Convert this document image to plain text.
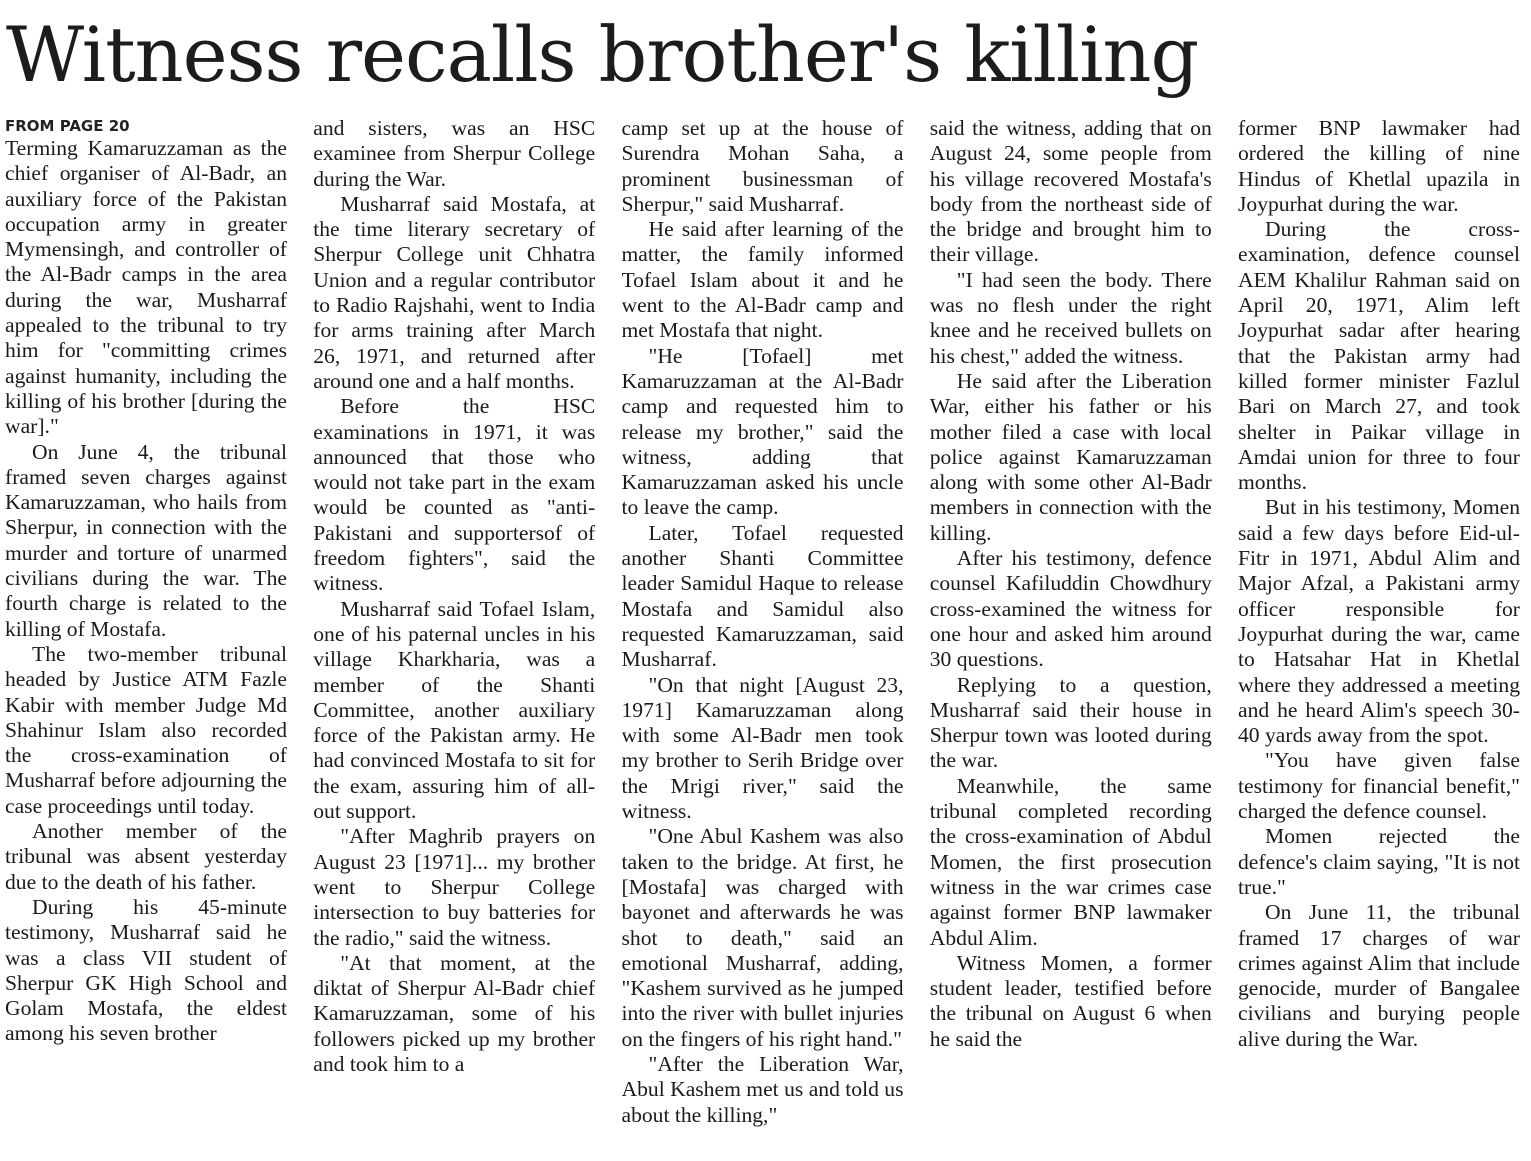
Witness recalls brother's killing
FROM PAGE 20

Terming Kamaruzzaman as the chief organiser of Al-Badr, an auxiliary force of the Pakistan occupation army in greater Mymensingh, and controller of the Al-Badr camps in the area during the war, Musharraf appealed to the tribunal to try him for "committing crimes against humanity, including the killing of his brother [during the war]."

On June 4, the tribunal framed seven charges against Kamaruzzaman, who hails from Sherpur, in connection with the murder and torture of unarmed civilians during the war. The fourth charge is related to the killing of Mostafa.

The two-member tribunal headed by Justice ATM Fazle Kabir with member Judge Md Shahinur Islam also recorded the cross-examination of Musharraf before adjourning the case proceedings until today.

Another member of the tribunal was absent yesterday due to the death of his father.

During his 45-minute testimony, Musharraf said he was a class VII student of Sherpur GK High School and Golam Mostafa, the eldest among his seven brother

and sisters, was an HSC examinee from Sherpur College during the War.

Musharraf said Mostafa, at the time literary secretary of Sherpur College unit Chhatra Union and a regular contributor to Radio Rajshahi, went to India for arms training after March 26, 1971, and returned after around one and a half months.

Before the HSC examinations in 1971, it was announced that those who would not take part in the exam would be counted as "anti-Pakistani and supportersof of freedom fighters", said the witness.

Musharraf said Tofael Islam, one of his paternal uncles in his village Kharkharia, was a member of the Shanti Committee, another auxiliary force of the Pakistan army. He had convinced Mostafa to sit for the exam, assuring him of all-out support.

"After Maghrib prayers on August 23 [1971]... my brother went to Sherpur College intersection to buy batteries for the radio," said the witness.

"At that moment, at the diktat of Sherpur Al-Badr chief Kamaruzzaman, some of his followers picked up my brother and took him to a

camp set up at the house of Surendra Mohan Saha, a prominent businessman of Sherpur," said Musharraf.

He said after learning of the matter, the family informed Tofael Islam about it and he went to the Al-Badr camp and met Mostafa that night.

"He [Tofael] met Kamaruzzaman at the Al-Badr camp and requested him to release my brother," said the witness, adding that Kamaruzzaman asked his uncle to leave the camp.

Later, Tofael requested another Shanti Committee leader Samidul Haque to release Mostafa and Samidul also requested Kamaruzzaman, said Musharraf.

"On that night [August 23, 1971] Kamaruzzaman along with some Al-Badr men took my brother to Serih Bridge over the Mrigi river," said the witness.

"One Abul Kashem was also taken to the bridge. At first, he [Mostafa] was charged with bayonet and afterwards he was shot to death," said an emotional Musharraf, adding, "Kashem survived as he jumped into the river with bullet injuries on the fingers of his right hand."

"After the Liberation War, Abul Kashem met us and told us about the killing,"

said the witness, adding that on August 24, some people from his village recovered Mostafa's body from the northeast side of the bridge and brought him to their village.

"I had seen the body. There was no flesh under the right knee and he received bullets on his chest," added the witness.

He said after the Liberation War, either his father or his mother filed a case with local police against Kamaruzzaman along with some other Al-Badr members in connection with the killing.

After his testimony, defence counsel Kafiluddin Chowdhury cross-examined the witness for one hour and asked him around 30 questions.

Replying to a question, Musharraf said their house in Sherpur town was looted during the war.

Meanwhile, the same tribunal completed recording the cross-examination of Abdul Momen, the first prosecution witness in the war crimes case against former BNP lawmaker Abdul Alim.

Witness Momen, a former student leader, testified before the tribunal on August 6 when he said the

former BNP lawmaker had ordered the killing of nine Hindus of Khetlal upazila in Joypurhat during the war.

During the cross-examination, defence counsel AEM Khalilur Rahman said on April 20, 1971, Alim left Joypurhat sadar after hearing that the Pakistan army had killed former minister Fazlul Bari on March 27, and took shelter in Paikar village in Amdai union for three to four months.

But in his testimony, Momen said a few days before Eid-ul-Fitr in 1971, Abdul Alim and Major Afzal, a Pakistani army officer responsible for Joypurhat during the war, came to Hatsahar Hat in Khetlal where they addressed a meeting and he heard Alim's speech 30-40 yards away from the spot.

"You have given false testimony for financial benefit," charged the defence counsel.

Momen rejected the defence's claim saying, "It is not true."

On June 11, the tribunal framed 17 charges of war crimes against Alim that include genocide, murder of Bangalee civilians and burying people alive during the War.
